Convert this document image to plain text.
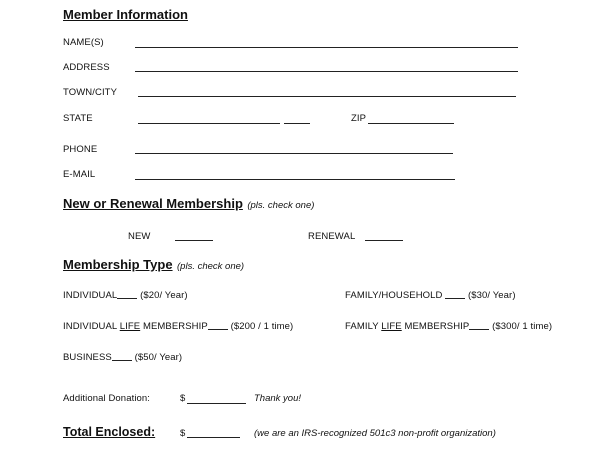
Member Information
NAME(S)
ADDRESS
TOWN/CITY
STATE	ZIP
PHONE
E-MAIL
New or Renewal Membership (pls. check one)
NEW	RENEWAL
Membership Type (pls. check one)
INDIVIDUAL ($20/ Year)	FAMILY/HOUSEHOLD	($30/ Year)
INDIVIDUAL LIFE MEMBERSHIP ($200 / 1 time)	FAMILY LIFE MEMBERSHIP ($300/ 1 time)
BUSINESS ($50/ Year)
Additional Donation:	$	Thank you!
Total Enclosed:	$	(we are an IRS-recognized 501c3 non-profit organization)
